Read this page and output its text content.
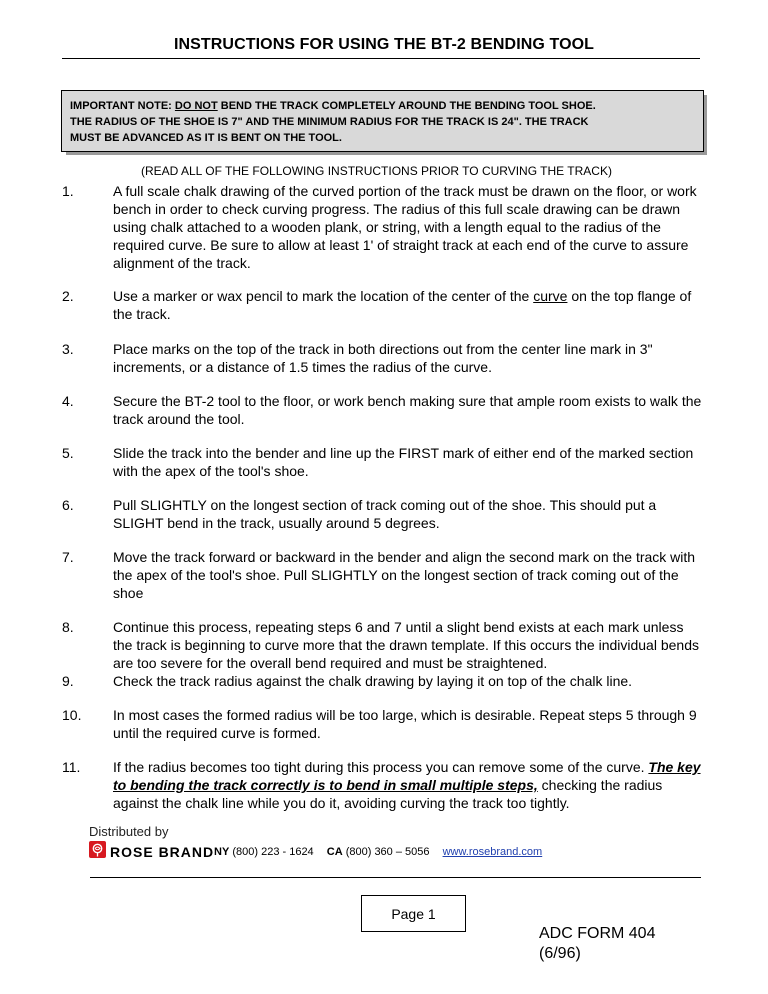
INSTRUCTIONS FOR USING THE BT-2 BENDING TOOL
IMPORTANT NOTE: DO NOT BEND THE TRACK COMPLETELY AROUND THE BENDING TOOL SHOE.
THE RADIUS OF THE SHOE IS 7" AND THE MINIMUM RADIUS FOR THE TRACK IS 24". THE TRACK
MUST BE ADVANCED AS IT IS BENT ON THE TOOL.
(READ ALL OF THE FOLLOWING INSTRUCTIONS PRIOR TO CURVING THE TRACK)
1.	A full scale chalk drawing of the curved portion of the track must be drawn on the floor, or work bench in order to check curving progress. The radius of this full scale drawing can be drawn using chalk attached to a wooden plank, or string, with a length equal to the radius of the required curve. Be sure to allow at least 1' of straight track at each end of the curve to assure alignment of the track.
2.	Use a marker or wax pencil to mark the location of the center of the curve on the top flange of the track.
3.	Place marks on the top of the track in both directions out from the center line mark in 3" increments, or a distance of 1.5 times the radius of the curve.
4.	Secure the BT-2 tool to the floor, or work bench making sure that ample room exists to walk the track around the tool.
5.	Slide the track into the bender and line up the FIRST mark of either end of the marked section with the apex of the tool's shoe.
6.	Pull SLIGHTLY on the longest section of track coming out of the shoe. This should put a SLIGHT bend in the track, usually around 5 degrees.
7.	Move the track forward or backward in the bender and align the second mark on the track with the apex of the tool's shoe. Pull SLIGHTLY on the longest section of track coming out of the shoe
8.	Continue this process, repeating steps 6 and 7 until a slight bend exists at each mark unless the track is beginning to curve more that the drawn template. If this occurs the individual bends are too severe for the overall bend required and must be straightened.
9.	Check the track radius against the chalk drawing by laying it on top of the chalk line.
10. In most cases the formed radius will be too large, which is desirable. Repeat steps 5 through 9 until the required curve is formed.
11. If the radius becomes too tight during this process you can remove some of the curve. The key to bending the track correctly is to bend in small multiple steps, checking the radius against the chalk line while you do it, avoiding curving the track too tightly.
Distributed by
ROSE BRAND NY (800) 223 - 1624 CA (800) 360 – 5056 www.rosebrand.com
Page 1
ADC FORM 404
(6/96)
